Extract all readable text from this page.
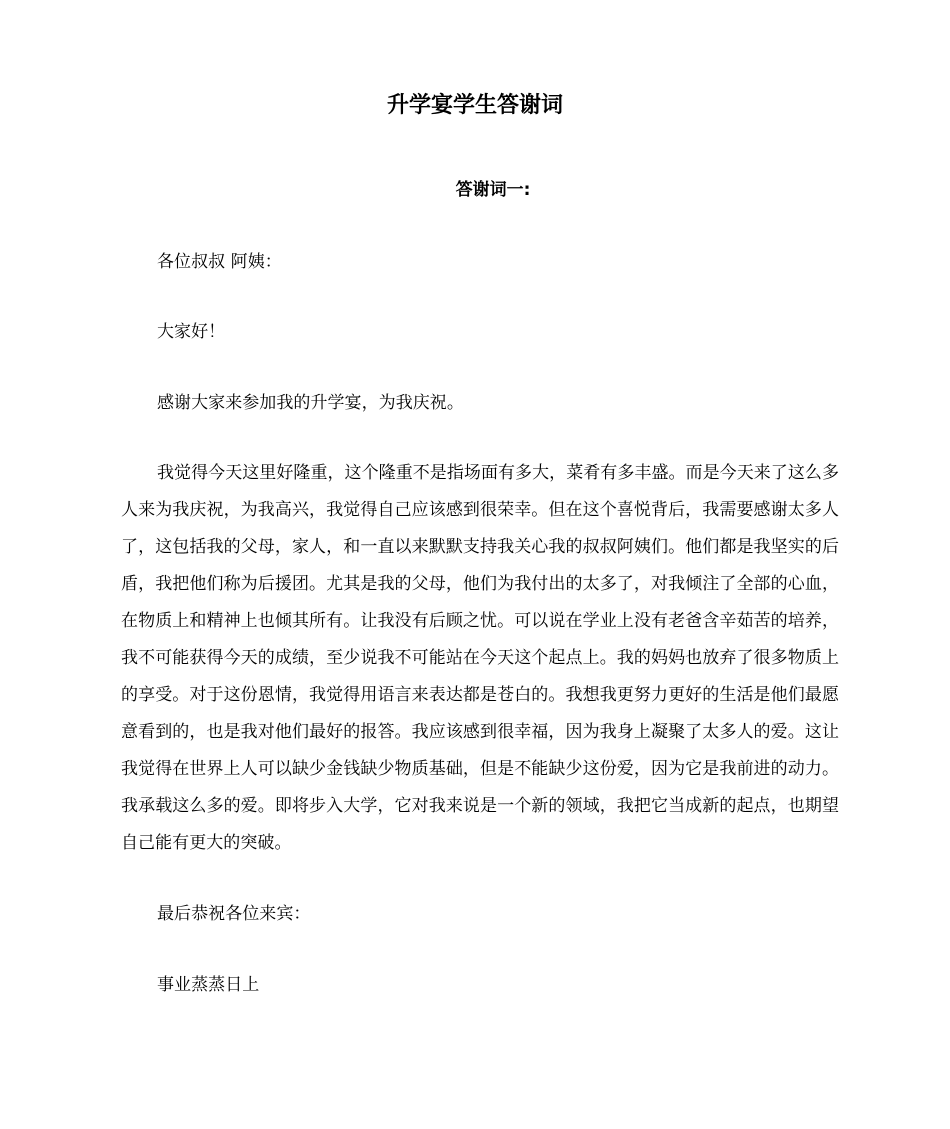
升学宴学生答谢词
答谢词一:

各位叔叔 阿姨：

大家好！

感谢大家来参加我的升学宴，为我庆祝。

我觉得今天这里好隆重，这个隆重不是指场面有多大，菜肴有多丰盛。而是今天来了这么多人来为我庆祝，为我高兴，我觉得自己应该感到很荣幸。但在这个喜悦背后，我需要感谢太多人了，这包括我的父母，家人，和一直以来默默支持我关心我的叔叔阿姨们。他们都是我坚实的后盾，我把他们称为后援团。尤其是我的父母，他们为我付出的太多了，对我倾注了全部的心血，在物质上和精神上也倾其所有。让我没有后顾之忧。可以说在学业上没有老爸含辛茹苦的培养，我不可能获得今天的成绩，至少说我不可能站在今天这个起点上。我的妈妈也放弃了很多物质上的享受。对于这份恩情，我觉得用语言来表达都是苍白的。我想我更努力更好的生活是他们最愿意看到的，也是我对他们最好的报答。我应该感到很幸福，因为我身上凝聚了太多人的爱。这让我觉得在世界上人可以缺少金钱缺少物质基础，但是不能缺少这份爱，因为它是我前进的动力。我承载这么多的爱。即将步入大学，它对我来说是一个新的领域，我把它当成新的起点，也期望自己能有更大的突破。

最后恭祝各位来宾：

事业蒸蒸日上
